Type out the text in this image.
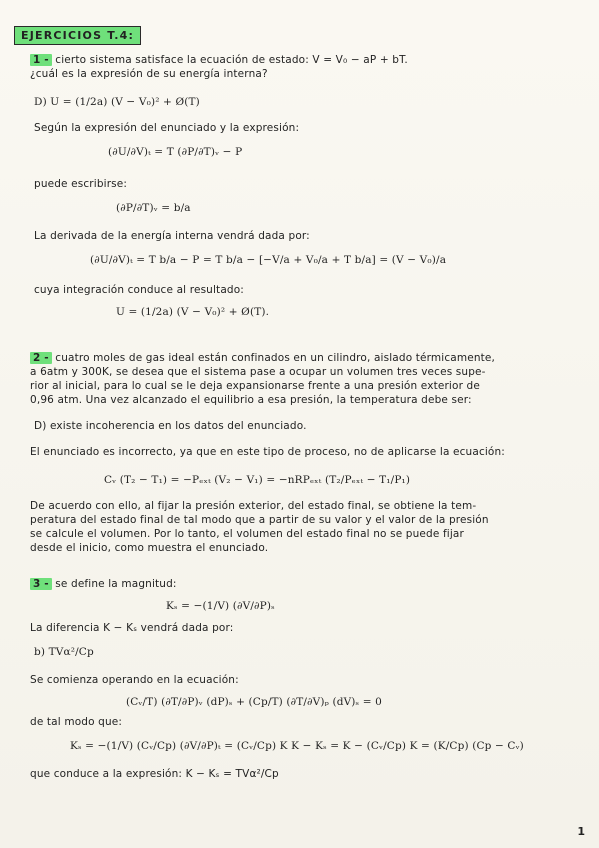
EJERCICIOS T.4:
1 - cierto sistema satisface la ecuación de estado: V = V₀ − aP + bT.
¿cuál es la expresión de su energía interna?
D) U = (1/2a) (V − V₀)² + Ø(T)
Según la expresión del enunciado y la expresión:
(∂U/∂V)ₜ = T (∂P/∂T)ᵥ − P
puede escribirse:
(∂P/∂T)ᵥ = b/a
La derivada de la energía interna vendrá dada por:
(∂U/∂V)ₜ = T b/a − P = T b/a − [−V/a + V₀/a + T b/a] = (V − V₀)/a
cuya integración conduce al resultado:
U = (1/2a) (V − V₀)² + Ø(T).
2 - cuatro moles de gas ideal están confinados en un cilindro, aislado térmicamente,
a 6atm y 300K, se desea que el sistema pase a ocupar un volumen tres veces supe-
rior al inicial, para lo cual se le deja expansionarse frente a una presión exterior de
0,96 atm. Una vez alcanzado el equilibrio a esa presión, la temperatura debe ser:
D) existe incoherencia en los datos del enunciado.
El enunciado es incorrecto, ya que en este tipo de proceso, no de aplicarse la ecuación:
Cᵥ (T₂ − T₁) = −Pₑₓₜ (V₂ − V₁) = −nRPₑₓₜ (T₂/Pₑₓₜ − T₁/P₁)
De acuerdo con ello, al fijar la presión exterior, del estado final, se obtiene la tem-
peratura del estado final de tal modo que a partir de su valor y el valor de la presión
se calcule el volumen. Por lo tanto, el volumen del estado final no se puede fijar
desde el inicio, como muestra el enunciado.
3 - se define la magnitud:
Kₛ = −(1/V) (∂V/∂P)ₛ
La diferencia K − Kₛ vendrá dada por:
b) TVα²/Cp
Se comienza operando en la ecuación:
(Cᵥ/T) (∂T/∂P)ᵥ (dP)ₛ + (Cp/T) (∂T/∂V)ₚ (dV)ₛ = 0
de tal modo que:
Kₛ = −(1/V) (Cᵥ/Cp) (∂V/∂P)ₜ = (Cᵥ/Cp) K K − Kₛ = K − (Cᵥ/Cp) K = (K/Cp) (Cp − Cᵥ)
que conduce a la expresión: K − Kₛ = TVα²/Cp
1
